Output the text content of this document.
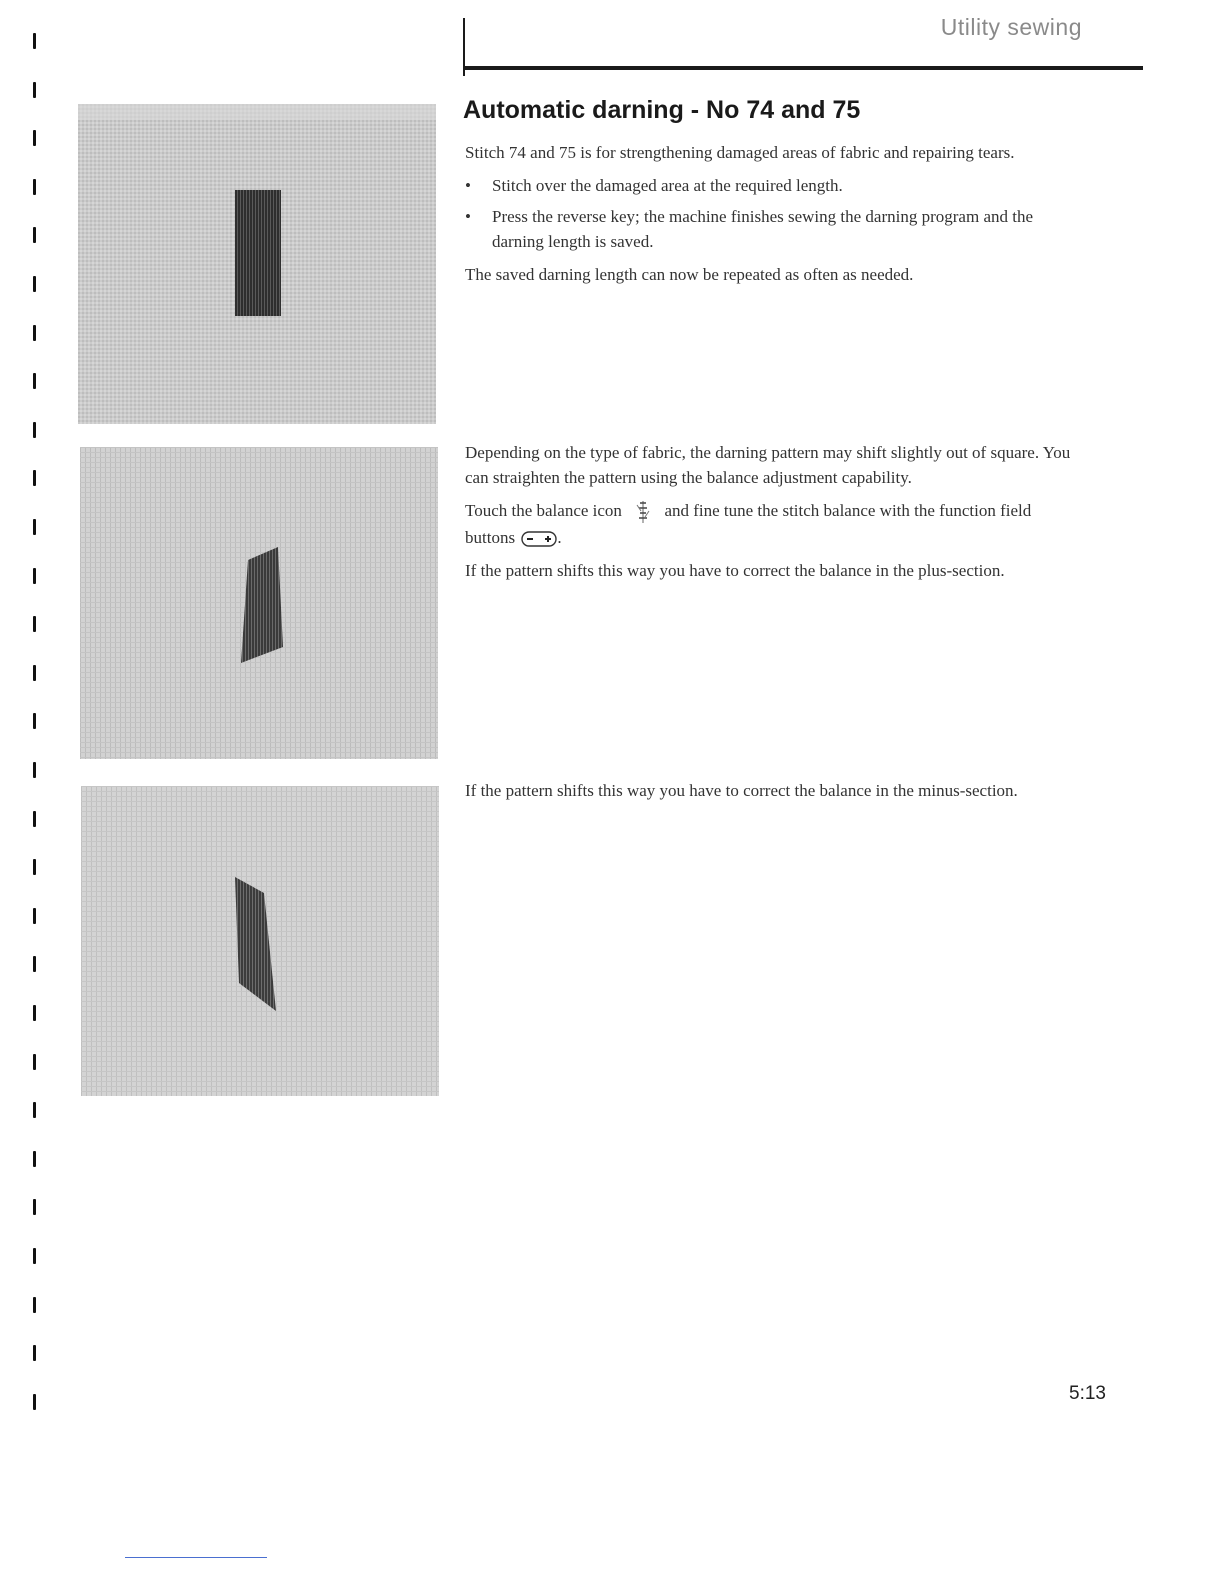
Utility sewing
Automatic darning - No 74 and 75

Stitch 74 and 75 is for strengthening damaged areas of fabric and repairing tears.

• Stitch over the damaged area at the required length.
• Press the reverse key; the machine finishes sewing the darning program and the darning length is saved.

The saved darning length can now be repeated as often as needed.

Depending on the type of fabric, the darning pattern may shift slightly out of square. You can straighten the pattern using the balance adjustment capability.

Touch the balance icon	and fine tune the stitch balance with the function field buttons .

If the pattern shifts this way you have to correct the balance in the plus-section.

If the pattern shifts this way you have to correct the balance in the minus-section.

5:13
